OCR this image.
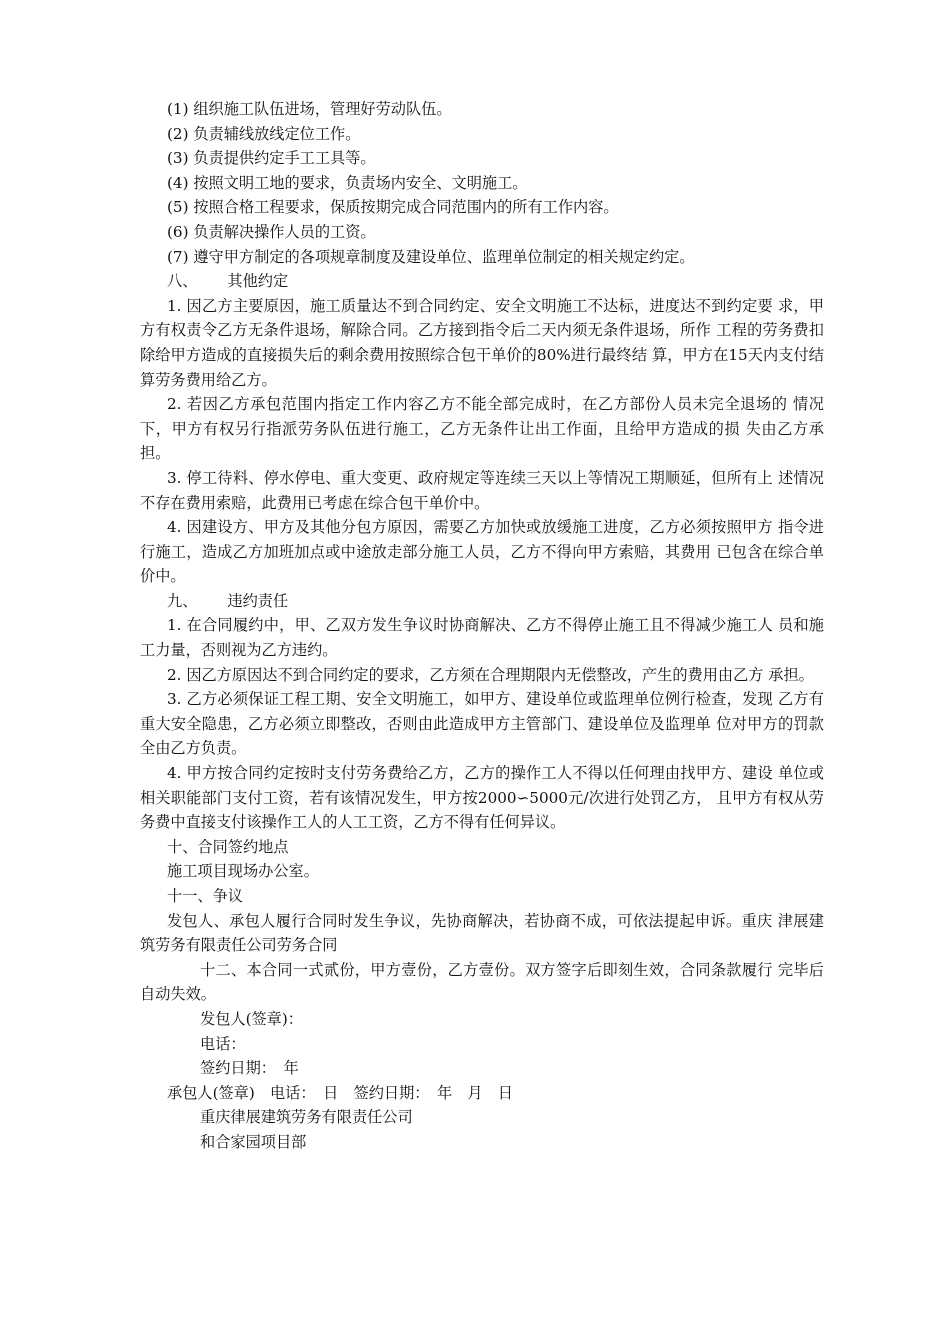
(1) 组织施工队伍进场，管理好劳动队伍。
(2) 负责辅线放线定位工作。
(3) 负责提供约定手工工具等。
(4) 按照文明工地的要求，负责场内安全、文明施工。
(5) 按照合格工程要求，保质按期完成合同范围内的所有工作内容。
(6) 负责解决操作人员的工资。
(7) 遵守甲方制定的各项规章制度及建设单位、监理单位制定的相关规定约定。
八、 其他约定

1. 因乙方主要原因，施工质量达不到合同约定、安全文明施工不达标，进度达不到约定要 求，甲方有权责令乙方无条件退场，解除合同。乙方接到指令后二天内须无条件退场，所作 工程的劳务费扣除给甲方造成的直接损失后的剩余费用按照综合包干单价的80%进行最终结 算，甲方在15天内支付结算劳务费用给乙方。

2. 若因乙方承包范围内指定工作内容乙方不能全部完成时，在乙方部份人员未完全退场的 情况下，甲方有权另行指派劳务队伍进行施工，乙方无条件让出工作面，且给甲方造成的损 失由乙方承担。

3. 停工待料、停水停电、重大变更、政府规定等连续三天以上等情况工期顺延，但所有上 述情况不存在费用索赔，此费用已考虑在综合包干单价中。

4. 因建设方、甲方及其他分包方原因，需要乙方加快或放缓施工进度，乙方必须按照甲方 指令进行施工，造成乙方加班加点或中途放走部分施工人员，乙方不得向甲方索赔，其费用 已包含在综合单价中。

九、 违约责任

1. 在合同履约中，甲、乙双方发生争议时协商解决、乙方不得停止施工且不得减少施工人 员和施工力量，否则视为乙方违约。

2. 因乙方原因达不到合同约定的要求，乙方须在合理期限内无偿整改，产生的费用由乙方 承担。

3. 乙方必须保证工程工期、安全文明施工，如甲方、建设单位或监理单位例行检查，发现 乙方有重大安全隐患，乙方必须立即整改，否则由此造成甲方主管部门、建设单位及监理单 位对甲方的罚款全由乙方负责。

4. 甲方按合同约定按时支付劳务费给乙方，乙方的操作工人不得以任何理由找甲方、建设 单位或相关职能部门支付工资，若有该情况发生，甲方按2000∽5000元/次进行处罚乙方， 且甲方有权从劳务费中直接支付该操作工人的人工工资，乙方不得有任何异议。

十、合同签约地点
施工项目现场办公室。
十一、争议

发包人、承包人履行合同时发生争议，先协商解决，若协商不成，可依法提起申诉。重庆 津展建筑劳务有限责任公司劳务合同

十二、本合同一式贰份，甲方壹份，乙方壹份。双方签字后即刻生效，合同条款履行 完毕后自动失效。

发包人(签章)：
电话：
签约日期：　年
承包人(签章)　电话：　日　签约日期：　年　月　日
重庆律展建筑劳务有限责任公司
和合家园项目部
